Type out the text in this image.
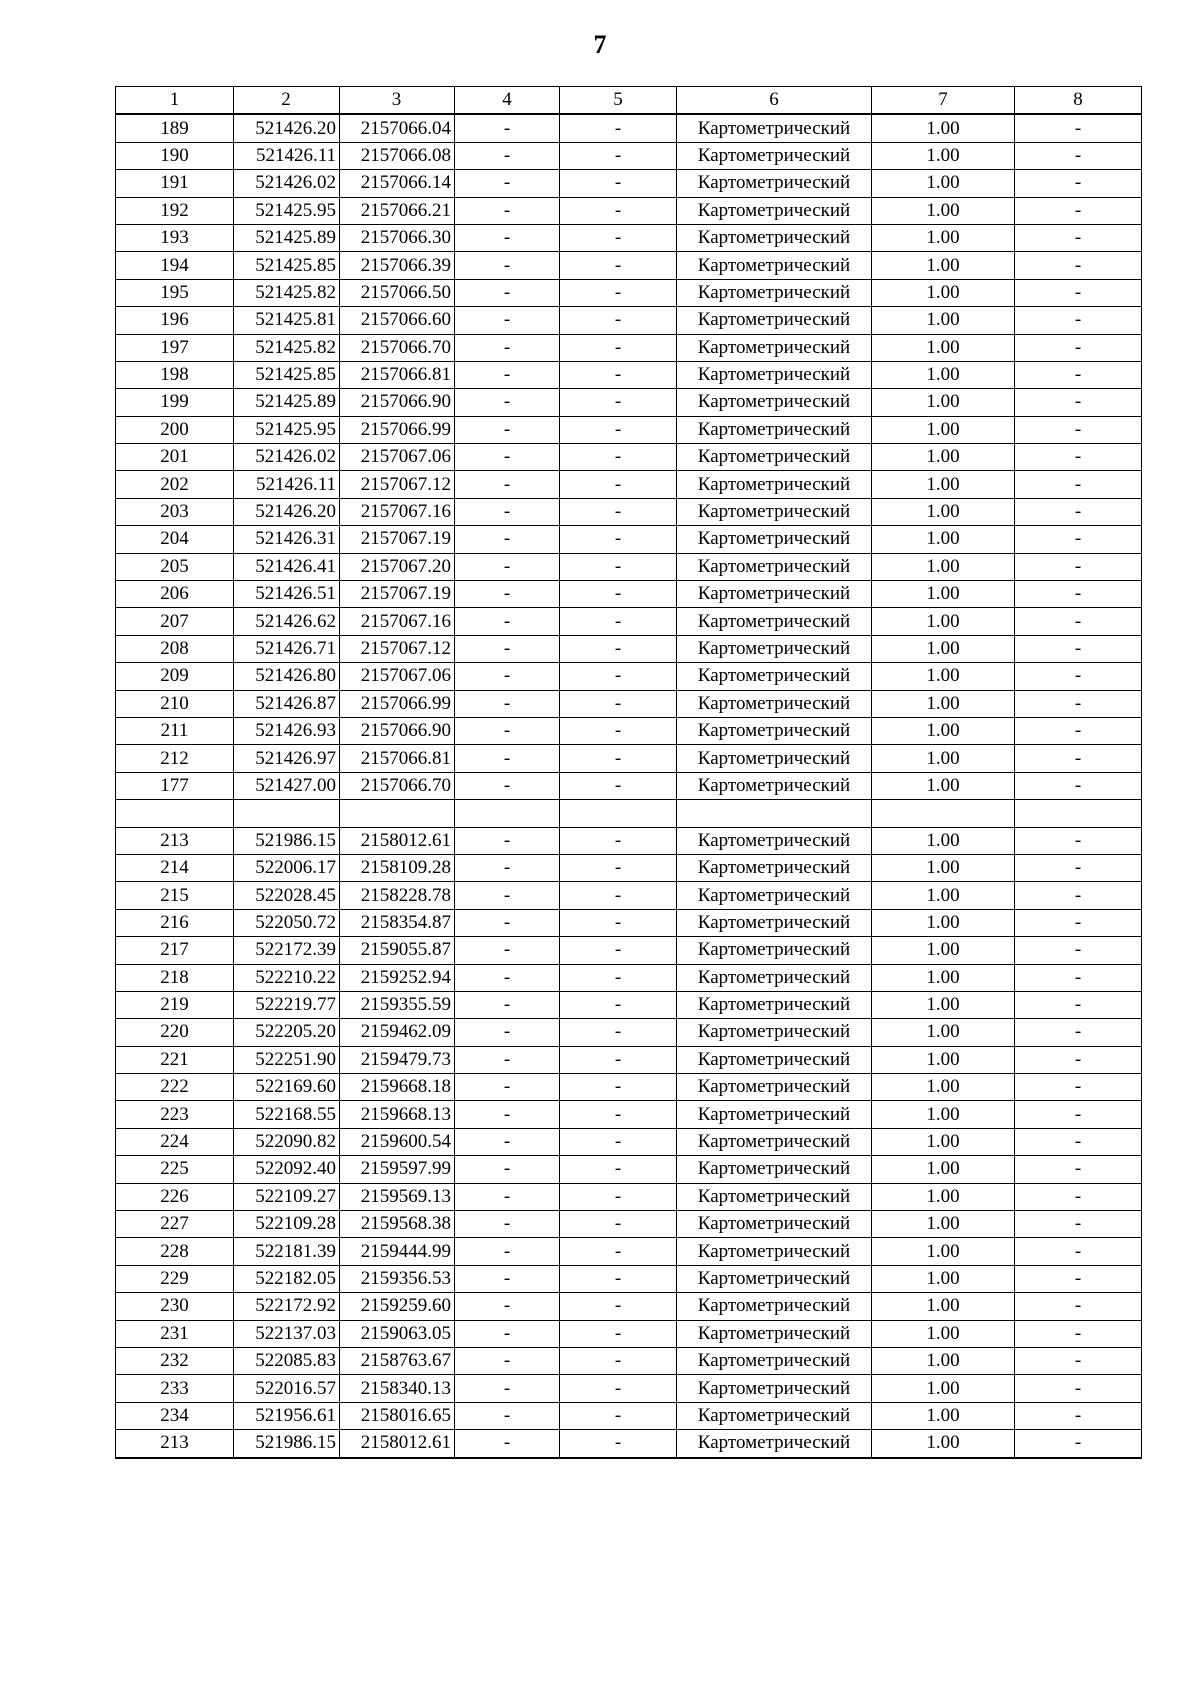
7
1	2	3	4	5	6	7	8
189	521426.20	2157066.04	-	-	Картометрический	1.00	-
190	521426.11	2157066.08	-	-	Картометрический	1.00	-
191	521426.02	2157066.14	-	-	Картометрический	1.00	-
192	521425.95	2157066.21	-	-	Картометрический	1.00	-
193	521425.89	2157066.30	-	-	Картометрический	1.00	-
194	521425.85	2157066.39	-	-	Картометрический	1.00	-
195	521425.82	2157066.50	-	-	Картометрический	1.00	-
196	521425.81	2157066.60	-	-	Картометрический	1.00	-
197	521425.82	2157066.70	-	-	Картометрический	1.00	-
198	521425.85	2157066.81	-	-	Картометрический	1.00	-
199	521425.89	2157066.90	-	-	Картометрический	1.00	-
200	521425.95	2157066.99	-	-	Картометрический	1.00	-
201	521426.02	2157067.06	-	-	Картометрический	1.00	-
202	521426.11	2157067.12	-	-	Картометрический	1.00	-
203	521426.20	2157067.16	-	-	Картометрический	1.00	-
204	521426.31	2157067.19	-	-	Картометрический	1.00	-
205	521426.41	2157067.20	-	-	Картометрический	1.00	-
206	521426.51	2157067.19	-	-	Картометрический	1.00	-
207	521426.62	2157067.16	-	-	Картометрический	1.00	-
208	521426.71	2157067.12	-	-	Картометрический	1.00	-
209	521426.80	2157067.06	-	-	Картометрический	1.00	-
210	521426.87	2157066.99	-	-	Картометрический	1.00	-
211	521426.93	2157066.90	-	-	Картометрический	1.00	-
212	521426.97	2157066.81	-	-	Картометрический	1.00	-
177	521427.00	2157066.70	-	-	Картометрический	1.00	-

213	521986.15	2158012.61	-	-	Картометрический	1.00	-
214	522006.17	2158109.28	-	-	Картометрический	1.00	-
215	522028.45	2158228.78	-	-	Картометрический	1.00	-
216	522050.72	2158354.87	-	-	Картометрический	1.00	-
217	522172.39	2159055.87	-	-	Картометрический	1.00	-
218	522210.22	2159252.94	-	-	Картометрический	1.00	-
219	522219.77	2159355.59	-	-	Картометрический	1.00	-
220	522205.20	2159462.09	-	-	Картометрический	1.00	-
221	522251.90	2159479.73	-	-	Картометрический	1.00	-
222	522169.60	2159668.18	-	-	Картометрический	1.00	-
223	522168.55	2159668.13	-	-	Картометрический	1.00	-
224	522090.82	2159600.54	-	-	Картометрический	1.00	-
225	522092.40	2159597.99	-	-	Картометрический	1.00	-
226	522109.27	2159569.13	-	-	Картометрический	1.00	-
227	522109.28	2159568.38	-	-	Картометрический	1.00	-
228	522181.39	2159444.99	-	-	Картометрический	1.00	-
229	522182.05	2159356.53	-	-	Картометрический	1.00	-
230	522172.92	2159259.60	-	-	Картометрический	1.00	-
231	522137.03	2159063.05	-	-	Картометрический	1.00	-
232	522085.83	2158763.67	-	-	Картометрический	1.00	-
233	522016.57	2158340.13	-	-	Картометрический	1.00	-
234	521956.61	2158016.65	-	-	Картометрический	1.00	-
213	521986.15	2158012.61	-	-	Картометрический	1.00	-
